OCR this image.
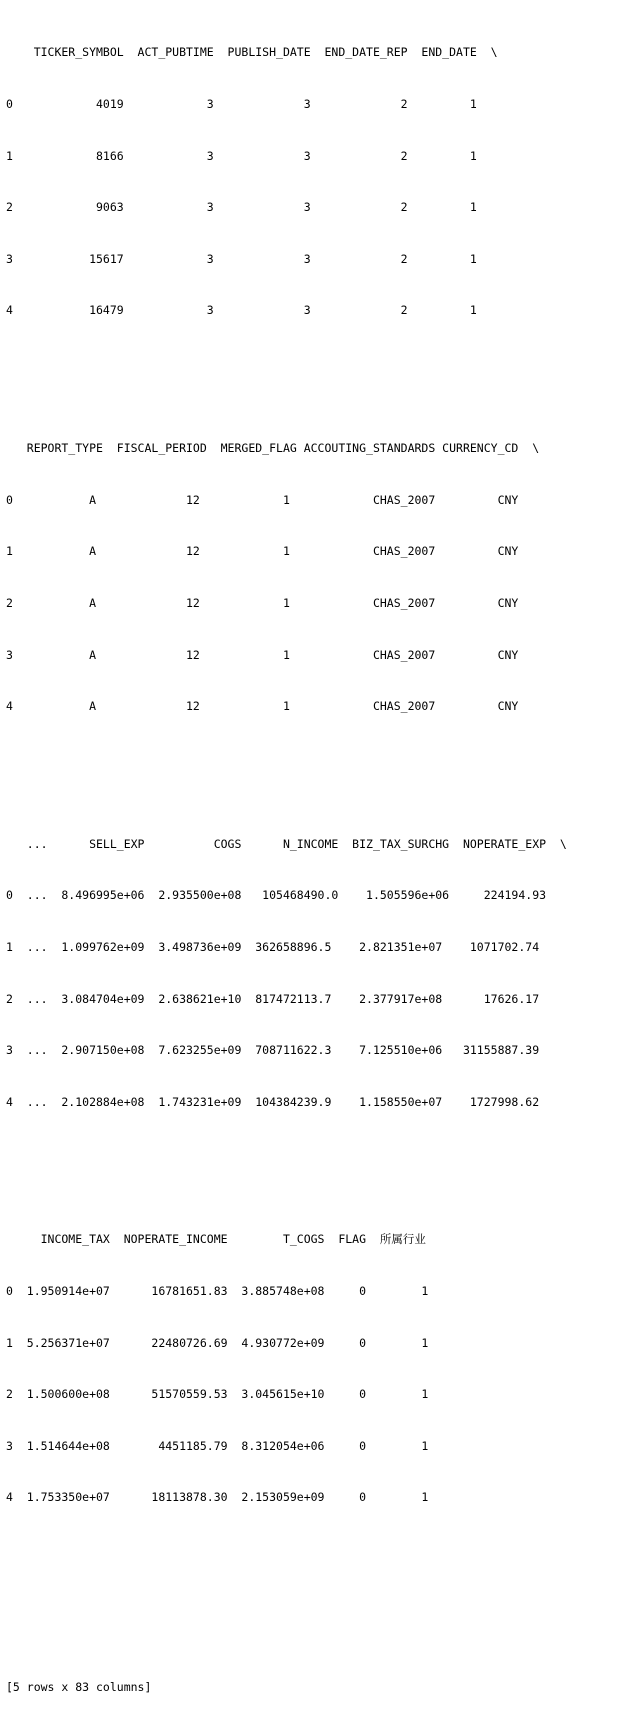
TICKER_SYMBOL  ACT_PUBTIME  PUBLISH_DATE  END_DATE_REP  END_DATE  \

0            4019            3             3             2         1

1            8166            3             3             2         1

2            9063            3             3             2         1

3           15617            3             3             2         1

4           16479            3             3             2         1

REPORT_TYPE  FISCAL_PERIOD  MERGED_FLAG ACCOUTING_STANDARDS CURRENCY_CD  \

0           A             12            1            CHAS_2007         CNY

1           A             12            1            CHAS_2007         CNY

2           A             12            1            CHAS_2007         CNY

3           A             12            1            CHAS_2007         CNY

4           A             12            1            CHAS_2007         CNY

...      SELL_EXP          COGS      N_INCOME  BIZ_TAX_SURCHG  NOPERATE_EXP  \

0  ...  8.496995e+06  2.935500e+08   105468490.0    1.505596e+06     224194.93

1  ...  1.099762e+09  3.498736e+09  362658896.5    2.821351e+07    1071702.74

2  ...  3.084704e+09  2.638621e+10  817472113.7    2.377917e+08      17626.17

3  ...  2.907150e+08  7.623255e+09  708711622.3    7.125510e+06   31155887.39

4  ...  2.102884e+08  1.743231e+09  104384239.9    1.158550e+07    1727998.62

INCOME_TAX  NOPERATE_INCOME        T_COGS  FLAG  所属行业

0  1.950914e+07      16781651.83  3.885748e+08     0        1

1  5.256371e+07      22480726.69  4.930772e+09     0        1

2  1.500600e+08      51570559.53  3.045615e+10     0        1

3  1.514644e+08       4451185.79  8.312054e+06     0        1

4  1.753350e+07      18113878.30  2.153059e+09     0        1

[5 rows x 83 columns]
